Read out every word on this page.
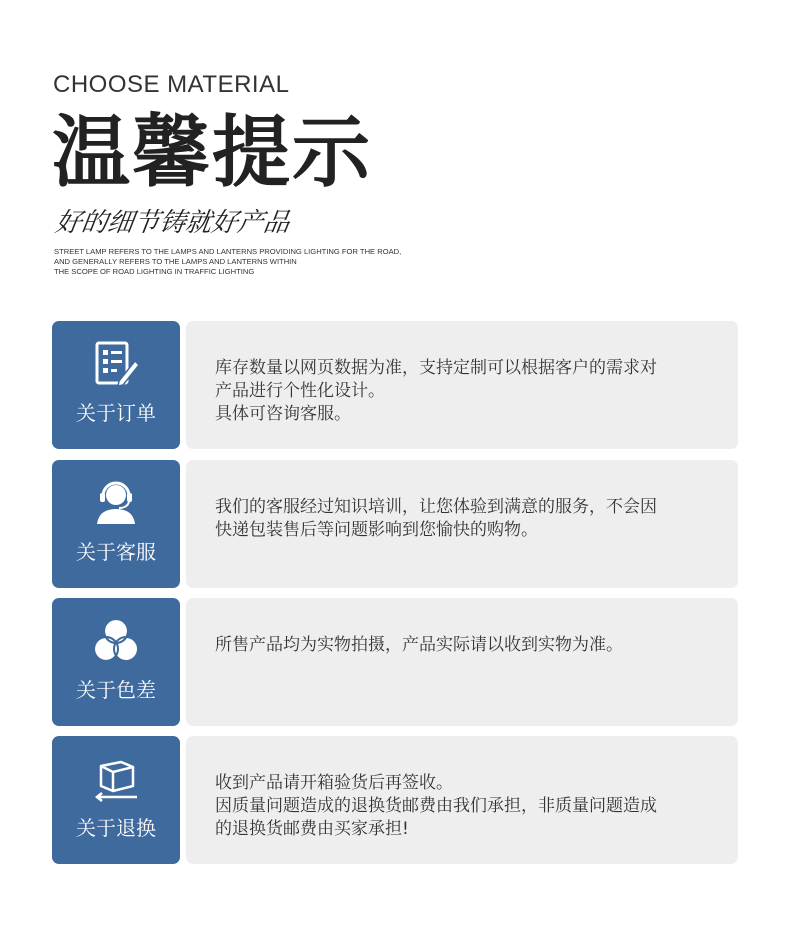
CHOOSE MATERIAL
温馨提示
好的细节铸就好产品
STREET LAMP REFERS TO THE LAMPS AND LANTERNS PROVIDING LIGHTING FOR THE ROAD,
AND GENERALLY REFERS TO THE LAMPS AND LANTERNS WITHIN
THE SCOPE OF ROAD LIGHTING IN TRAFFIC LIGHTING
关于订单
库存数量以网页数据为准，支持定制可以根据客户的需求对
产品进行个性化设计。
具体可咨询客服。
关于客服
我们的客服经过知识培训，让您体验到满意的服务，不会因
快递包装售后等问题影响到您愉快的购物。
关于色差
所售产品均为实物拍摄，产品实际请以收到实物为准。
关于退换
收到产品请开箱验货后再签收。
因质量问题造成的退换货邮费由我们承担，非质量问题造成
的退换货邮费由买家承担!
